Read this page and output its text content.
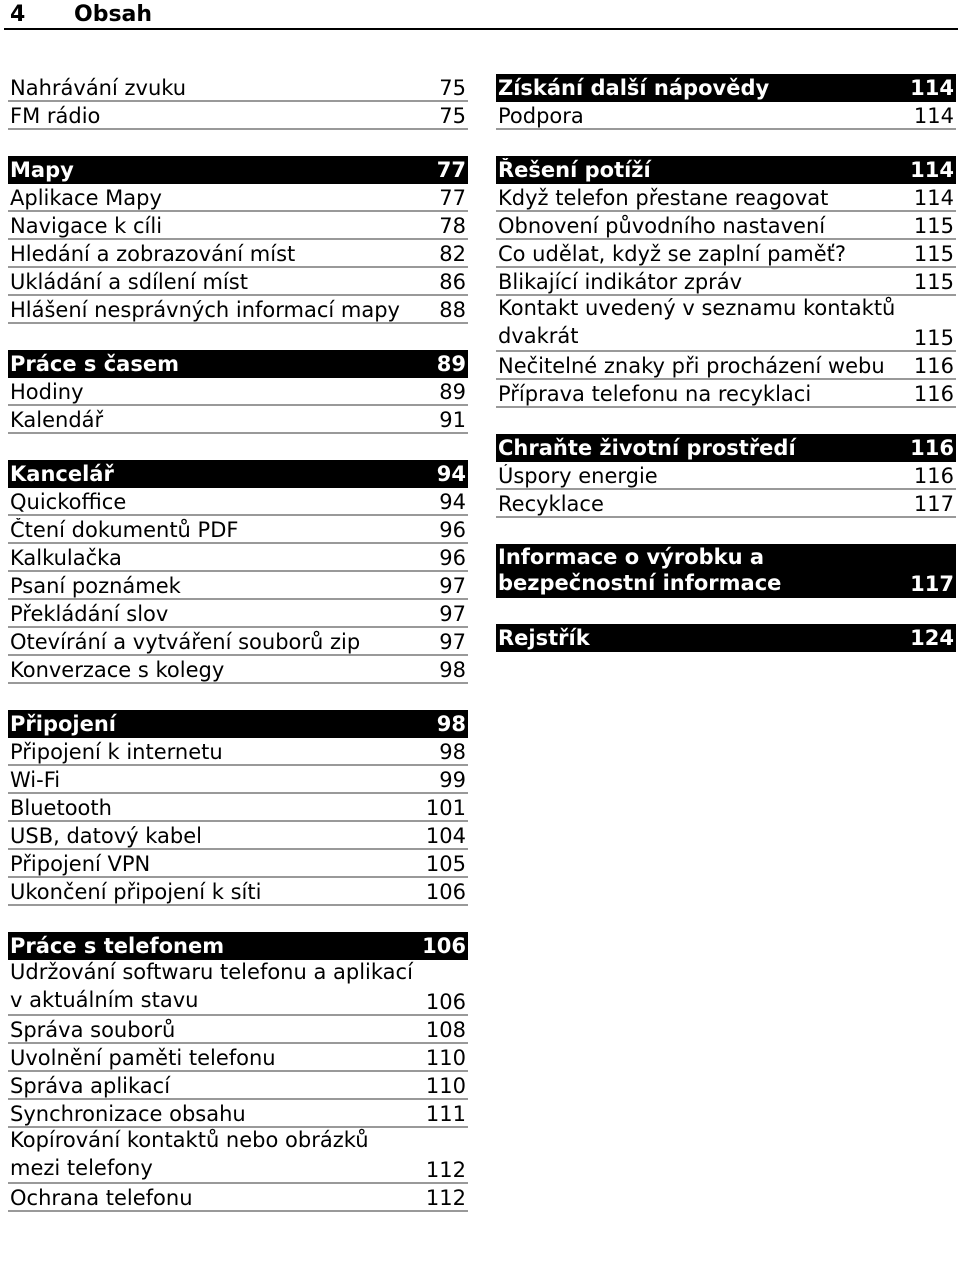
4 Obsah
Nahrávání zvuku	75
FM rádio	75
Mapy	77
Aplikace Mapy	77
Navigace k cíli	78
Hledání a zobrazování míst	82
Ukládání a sdílení míst	86
Hlášení nesprávných informací mapy	88
Práce s časem	89
Hodiny	89
Kalendář	91
Kancelář	94
Quickoffice	94
Čtení dokumentů PDF	96
Kalkulačka	96
Psaní poznámek	97
Překládání slov	97
Otevírání a vytváření souborů zip	97
Konverzace s kolegy	98
Připojení	98
Připojení k internetu	98
Wi-Fi	99
Bluetooth	101
USB, datový kabel	104
Připojení VPN	105
Ukončení připojení k síti	106
Práce s telefonem	106
Udržování softwaru telefonu a aplikací v aktuálním stavu	106
Správa souborů	108
Uvolnění paměti telefonu	110
Správa aplikací	110
Synchronizace obsahu	111
Kopírování kontaktů nebo obrázků mezi telefony	112
Ochrana telefonu	112
Získání další nápovědy	114
Podpora	114
Řešení potíží	114
Když telefon přestane reagovat	114
Obnovení původního nastavení	115
Co udělat, když se zaplní paměť?	115
Blikající indikátor zpráv	115
Kontakt uvedený v seznamu kontaktů dvakrát	115
Nečitelné znaky při procházení webu	116
Příprava telefonu na recyklaci	116
Chraňte životní prostředí	116
Úspory energie	116
Recyklace	117
Informace o výrobku a bezpečnostní informace	117
Rejstřík	124
